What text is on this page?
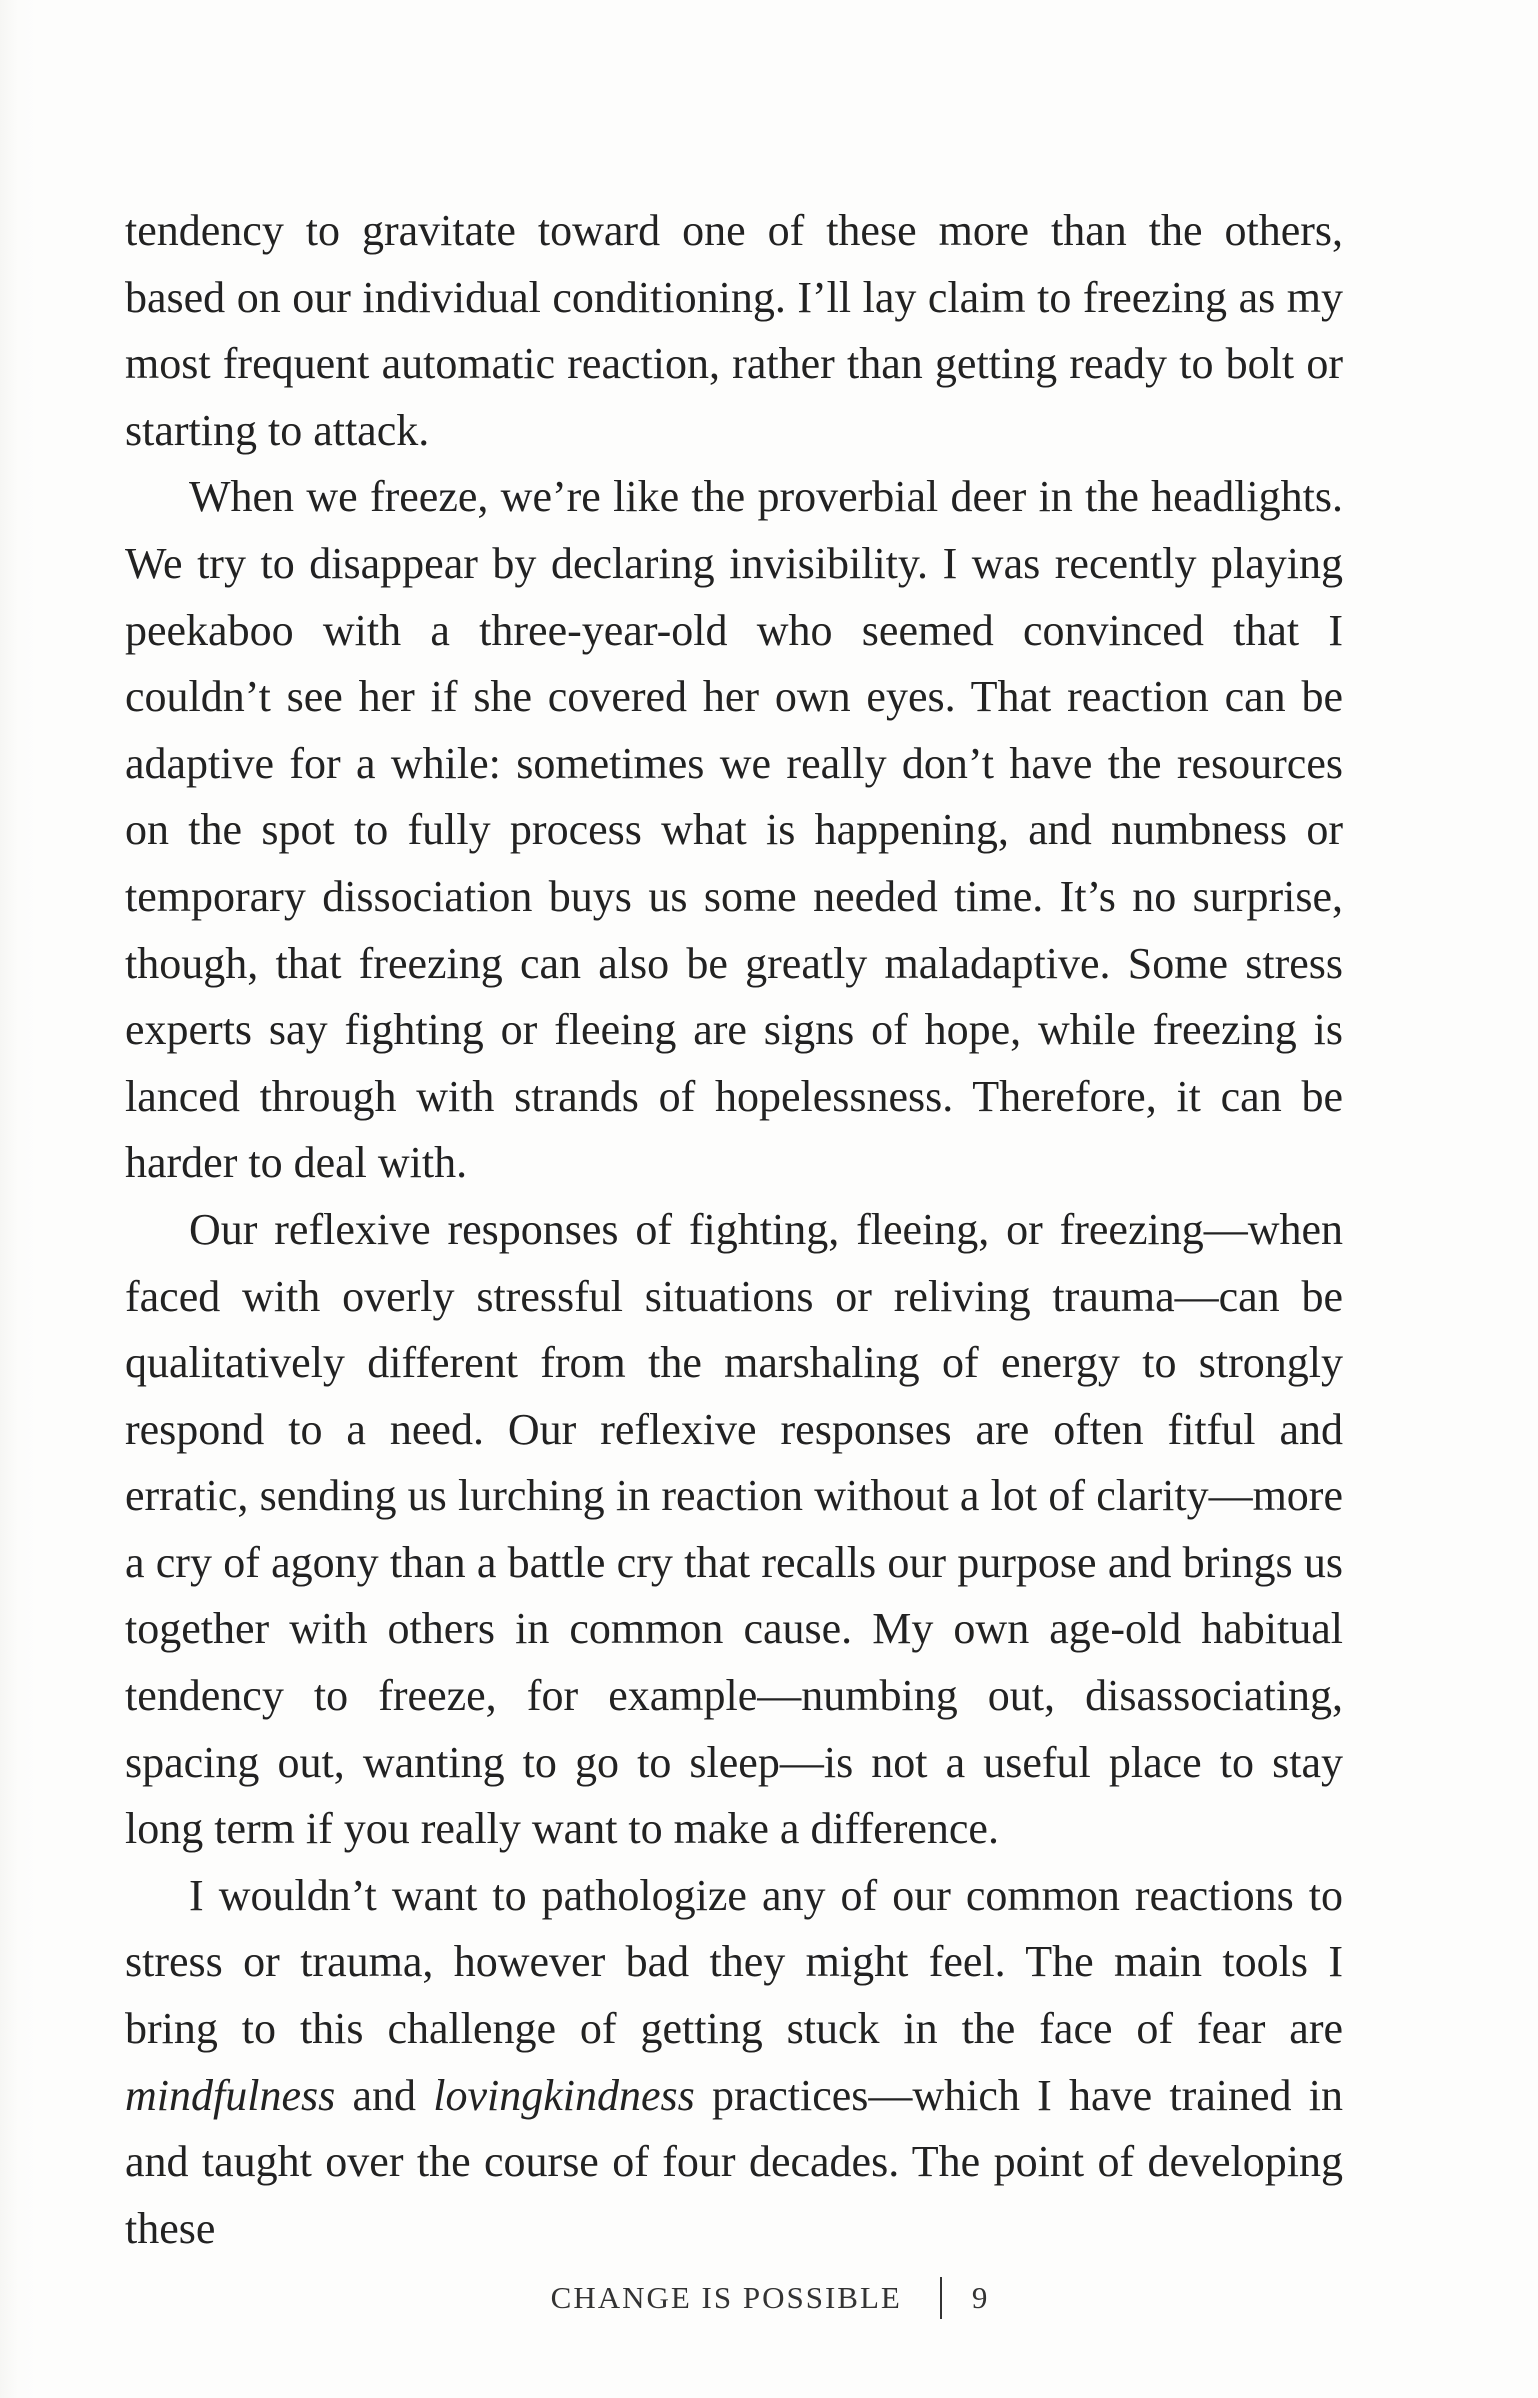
tendency to gravitate toward one of these more than the others, based on our individual conditioning. I’ll lay claim to freezing as my most frequent automatic reaction, rather than getting ready to bolt or starting to attack.

When we freeze, we’re like the proverbial deer in the headlights. We try to disappear by declaring invisibility. I was recently playing peekaboo with a three-year-old who seemed convinced that I couldn’t see her if she covered her own eyes. That reaction can be adaptive for a while: sometimes we really don’t have the resources on the spot to fully process what is happening, and numbness or temporary dissociation buys us some needed time. It’s no surprise, though, that freezing can also be greatly maladaptive. Some stress experts say fighting or fleeing are signs of hope, while freezing is lanced through with strands of hopelessness. Therefore, it can be harder to deal with.

Our reflexive responses of fighting, fleeing, or freezing—when faced with overly stressful situations or reliving trauma—can be qualitatively different from the marshaling of energy to strongly respond to a need. Our reflexive responses are often fitful and erratic, sending us lurching in reaction without a lot of clarity—more a cry of agony than a battle cry that recalls our purpose and brings us together with others in common cause. My own age-old habitual tendency to freeze, for example—numbing out, disassociating, spacing out, wanting to go to sleep—is not a useful place to stay long term if you really want to make a difference.

I wouldn’t want to pathologize any of our common reactions to stress or trauma, however bad they might feel. The main tools I bring to this challenge of getting stuck in the face of fear are mindfulness and lovingkindness practices—which I have trained in and taught over the course of four decades. The point of developing these

CHANGE IS POSSIBLE 9
